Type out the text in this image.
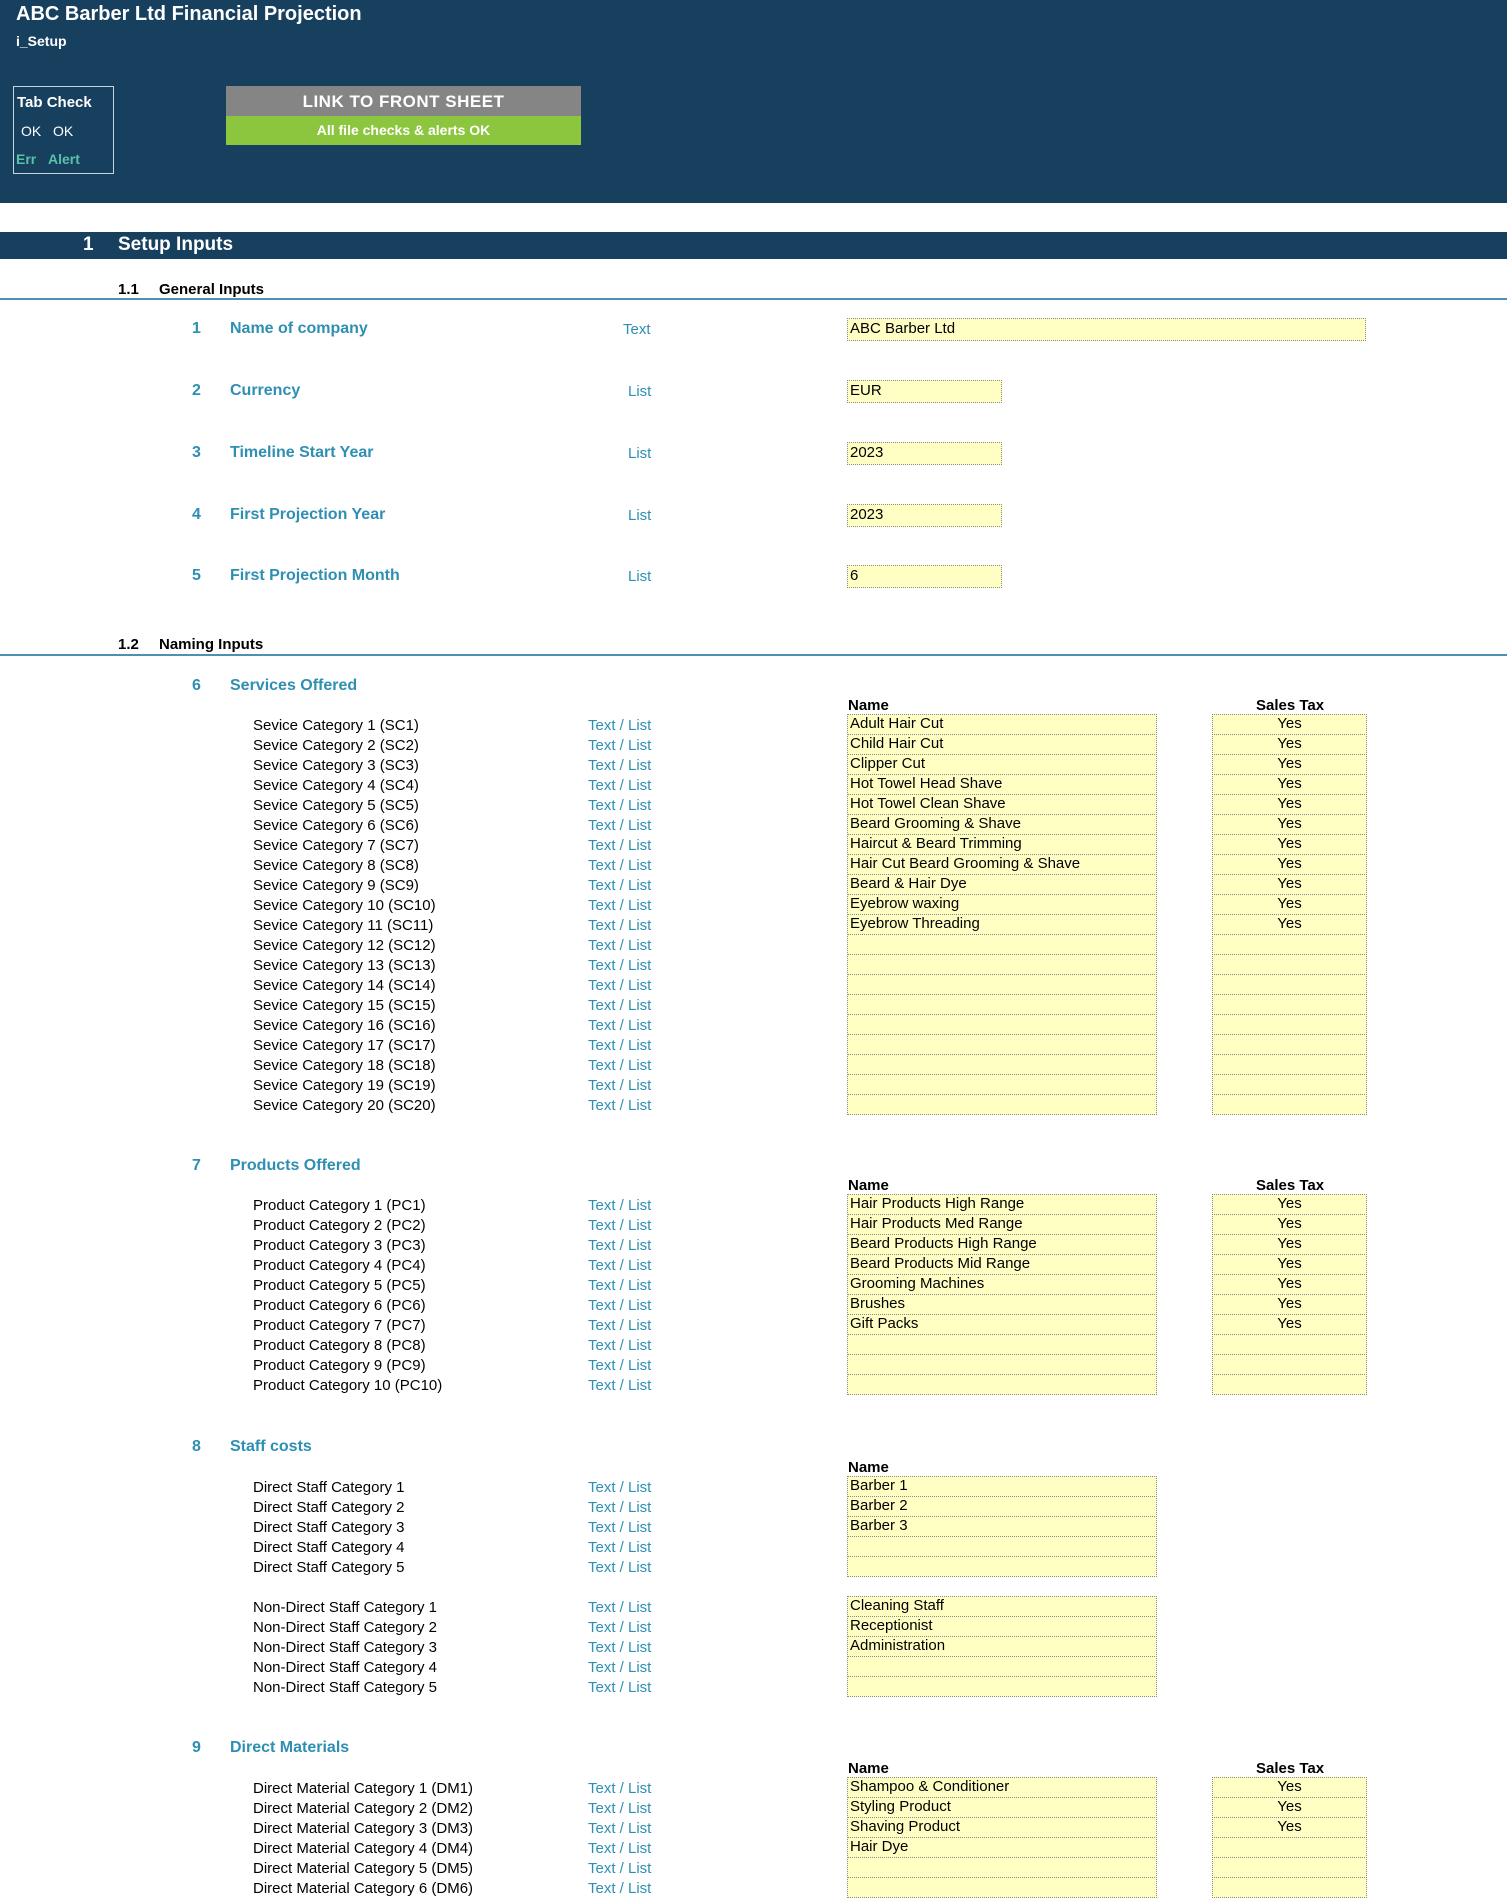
ABC Barber Ltd Financial Projection
i_Setup
Tab Check
OK OK
Err Alert
LINK TO FRONT SHEET
All file checks & alerts OK
1 Setup Inputs
1.1 General Inputs
1 Name of company	Text	ABC Barber Ltd
2 Currency	List	EUR
3 Timeline Start Year	List	2023
4 First Projection Year	List	2023
5 First Projection Month	List	6
1.2 Naming Inputs
6 Services Offered
Name	Sales Tax
Sevice Category 1 (SC1)	Text / List	Adult Hair Cut	Yes
Sevice Category 2 (SC2)	Text / List	Child Hair Cut	Yes
Sevice Category 3 (SC3)	Text / List	Clipper Cut	Yes
Sevice Category 4 (SC4)	Text / List	Hot Towel Head Shave	Yes
Sevice Category 5 (SC5)	Text / List	Hot Towel Clean Shave	Yes
Sevice Category 6 (SC6)	Text / List	Beard Grooming & Shave	Yes
Sevice Category 7 (SC7)	Text / List	Haircut & Beard Trimming	Yes
Sevice Category 8 (SC8)	Text / List	Hair Cut Beard Grooming & Shave	Yes
Sevice Category 9 (SC9)	Text / List	Beard & Hair Dye	Yes
Sevice Category 10 (SC10)	Text / List	Eyebrow waxing	Yes
Sevice Category 11 (SC11)	Text / List	Eyebrow Threading	Yes
Sevice Category 12 (SC12)	Text / List
Sevice Category 13 (SC13)	Text / List
Sevice Category 14 (SC14)	Text / List
Sevice Category 15 (SC15)	Text / List
Sevice Category 16 (SC16)	Text / List
Sevice Category 17 (SC17)	Text / List
Sevice Category 18 (SC18)	Text / List
Sevice Category 19 (SC19)	Text / List
Sevice Category 20 (SC20)	Text / List
7 Products Offered
Name	Sales Tax
Product Category 1 (PC1)	Text / List	Hair Products High Range	Yes
Product Category 2 (PC2)	Text / List	Hair Products Med Range	Yes
Product Category 3 (PC3)	Text / List	Beard Products High Range	Yes
Product Category 4 (PC4)	Text / List	Beard Products Mid Range	Yes
Product Category 5 (PC5)	Text / List	Grooming Machines	Yes
Product Category 6 (PC6)	Text / List	Brushes	Yes
Product Category 7 (PC7)	Text / List	Gift Packs	Yes
Product Category 8 (PC8)	Text / List
Product Category 9 (PC9)	Text / List
Product Category 10 (PC10)	Text / List
8 Staff costs
Name
Direct Staff Category 1	Text / List	Barber 1
Direct Staff Category 2	Text / List	Barber 2
Direct Staff Category 3	Text / List	Barber 3
Direct Staff Category 4	Text / List
Direct Staff Category 5	Text / List
Non-Direct Staff Category 1	Text / List	Cleaning Staff
Non-Direct Staff Category 2	Text / List	Receptionist
Non-Direct Staff Category 3	Text / List	Administration
Non-Direct Staff Category 4	Text / List
Non-Direct Staff Category 5	Text / List
9 Direct Materials
Name	Sales Tax
Direct Material Category 1 (DM1)	Text / List	Shampoo & Conditioner	Yes
Direct Material Category 2 (DM2)	Text / List	Styling Product	Yes
Direct Material Category 3 (DM3)	Text / List	Shaving Product	Yes
Direct Material Category 4 (DM4)	Text / List	Hair Dye
Direct Material Category 5 (DM5)	Text / List
Direct Material Category 6 (DM6)	Text / List
